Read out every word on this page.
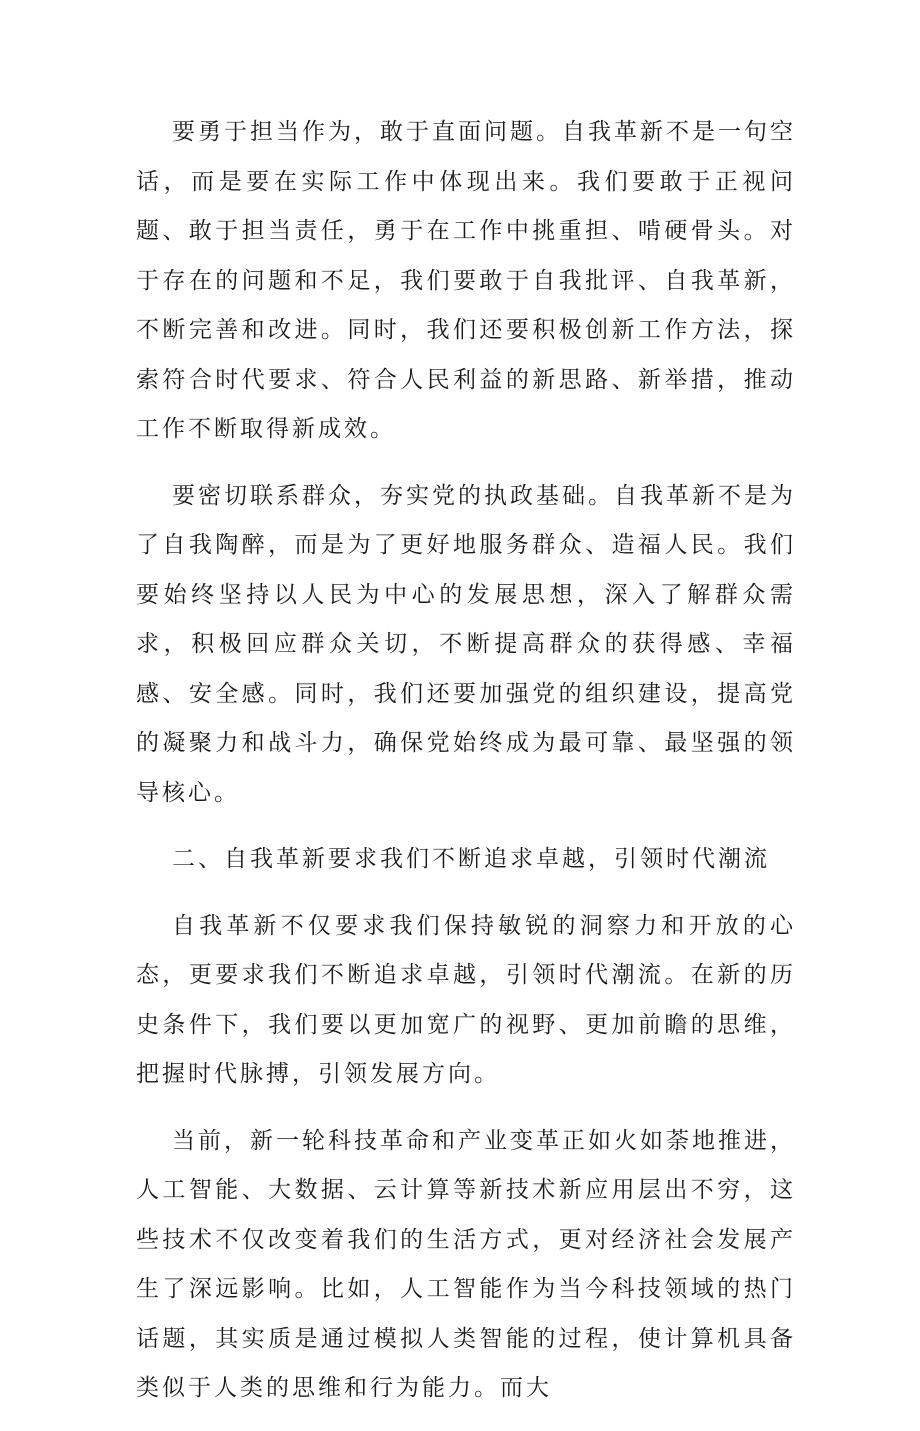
要勇于担当作为，敢于直面问题。自我革新不是一句空话，而是要在实际工作中体现出来。我们要敢于正视问题、敢于担当责任，勇于在工作中挑重担、啃硬骨头。对于存在的问题和不足，我们要敢于自我批评、自我革新，不断完善和改进。同时，我们还要积极创新工作方法，探索符合时代要求、符合人民利益的新思路、新举措，推动工作不断取得新成效。

要密切联系群众，夯实党的执政基础。自我革新不是为了自我陶醉，而是为了更好地服务群众、造福人民。我们要始终坚持以人民为中心的发展思想，深入了解群众需求，积极回应群众关切，不断提高群众的获得感、幸福感、安全感。同时，我们还要加强党的组织建设，提高党的凝聚力和战斗力，确保党始终成为最可靠、最坚强的领导核心。

二、自我革新要求我们不断追求卓越，引领时代潮流

自我革新不仅要求我们保持敏锐的洞察力和开放的心态，更要求我们不断追求卓越，引领时代潮流。在新的历史条件下，我们要以更加宽广的视野、更加前瞻的思维，把握时代脉搏，引领发展方向。

当前，新一轮科技革命和产业变革正如火如荼地推进，人工智能、大数据、云计算等新技术新应用层出不穷，这些技术不仅改变着我们的生活方式，更对经济社会发展产生了深远影响。比如，人工智能作为当今科技领域的热门话题，其实质是通过模拟人类智能的过程，使计算机具备类似于人类的思维和行为能力。而大
